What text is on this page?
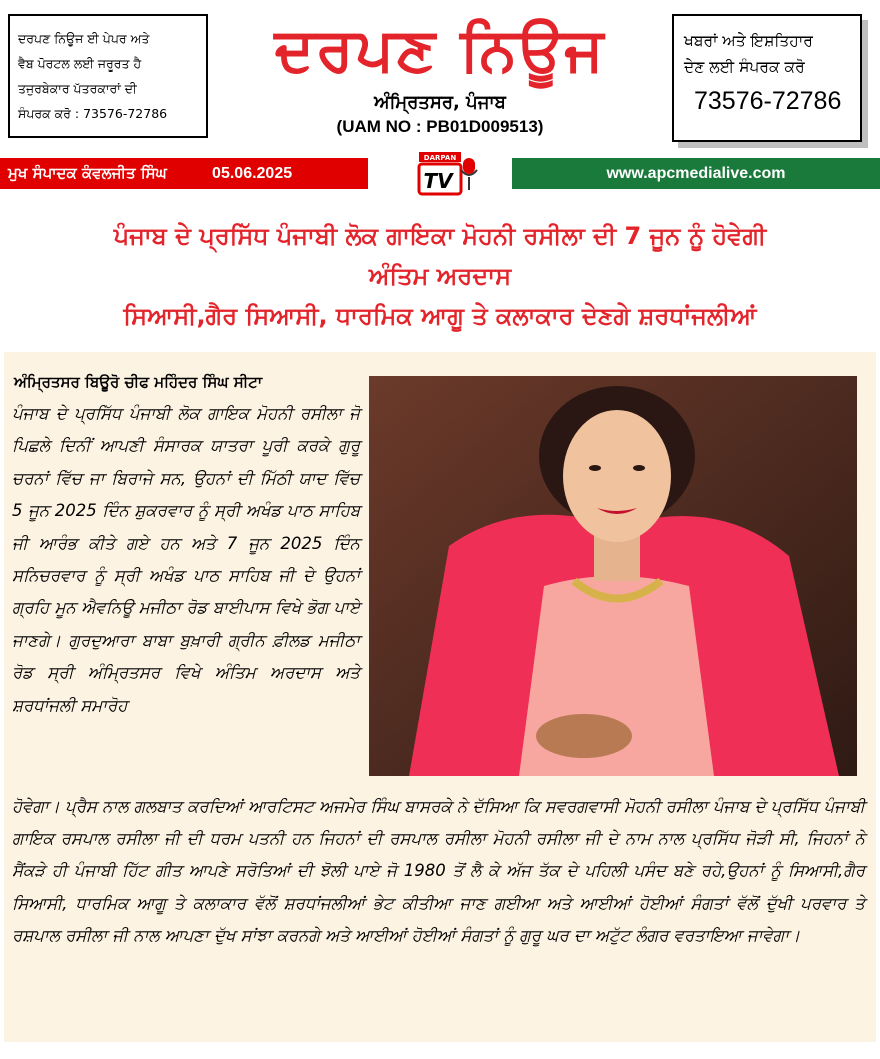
ਦਰਪਣ ਨਿਊਜ ਈ ਪੇਪਰ ਅਤੇ
ਵੈਬ ਪੋਰਟਲ ਲਈ ਜਰੂਰਤ ਹੈ
ਤਜੁਰਬੇਕਾਰ ਪੱਤਰਕਾਰਾਂ ਦੀ
ਸੰਪਰਕ ਕਰੋ : 73576-72786
ਦਰਪਣ ਨਿਊਜ
ਅੰਮ੍ਰਿਤਸਰ, ਪੰਜਾਬ
(UAM NO : PB01D009513)
ਖਬਰਾਂ ਅਤੇ ਇਸ਼ਤਿਹਾਰ
ਦੇਣ ਲਈ ਸੰਪਰਕ ਕਰੋ
73576-72786
ਮੁਖ ਸੰਪਾਦਕ ਕੰਵਲਜੀਤ ਸਿੰਘ	05.06.2025
DARPAN
TV	www.apcmedialive.com
ਪੰਜਾਬ ਦੇ ਪ੍ਰਸਿੱਧ ਪੰਜਾਬੀ ਲੋਕ ਗਾਇਕਾ ਮੋਹਨੀ ਰਸੀਲਾ ਦੀ 7 ਜੂਨ ਨੂੰ ਹੋਵੇਗੀ
ਅੰਤਿਮ ਅਰਦਾਸ
ਸਿਆਸੀ,ਗੈਰ ਸਿਆਸੀ, ਧਾਰਮਿਕ ਆਗੂ ਤੇ ਕਲਾਕਾਰ ਦੇਣਗੇ ਸ਼ਰਧਾਂਜਲੀਆਂ
ਅੰਮ੍ਰਿਤਸਰ ਬਿਊਰੋ ਚੀਫ ਮਹਿੰਦਰ ਸਿੰਘ ਸੀਟਾ
ਪੰਜਾਬ ਦੇ ਪ੍ਰਸਿੱਧ ਪੰਜਾਬੀ ਲੋਕ ਗਾਇਕ ਮੋਹਨੀ ਰਸੀਲਾ ਜੋ ਪਿਛਲੇ ਦਿਨੀਂ ਆਪਣੀ ਸੰਸਾਰਕ ਯਾਤਰਾ ਪੂਰੀ ਕਰਕੇ ਗੁਰੂ ਚਰਨਾਂ ਵਿੱਚ ਜਾ ਬਿਰਾਜੇ ਸਨ, ਉਹਨਾਂ ਦੀ ਮਿੱਠੀ ਯਾਦ ਵਿੱਚ 5 ਜੂਨ 2025 ਦਿੰਨ ਸ਼ੁਕਰਵਾਰ ਨੂੰ ਸ੍ਰੀ ਅਖੰਡ ਪਾਠ ਸਾਹਿਬ ਜੀ ਆਰੰਭ ਕੀਤੇ ਗਏ ਹਨ ਅਤੇ 7 ਜੂਨ 2025 ਦਿੰਨ ਸਨਿਚਰਵਾਰ ਨੂੰ ਸ੍ਰੀ ਅਖੰਡ ਪਾਠ ਸਾਹਿਬ ਜੀ ਦੇ ਉਹਨਾਂ ਗ੍ਰਹਿ ਮੂਨ ਐਵਨਿਊ ਮਜੀਠਾ ਰੋਡ ਬਾਈਪਾਸ ਵਿਖੇ ਭੋਗ ਪਾਏ ਜਾਣਗੇ। ਗੁਰਦੁਆਰਾ ਬਾਬਾ ਬੁਖ਼ਾਰੀ ਗ੍ਰੀਨ ਫ਼ੀਲਡ ਮਜੀਠਾ ਰੋਡ ਸ੍ਰੀ ਅੰਮ੍ਰਿਤਸਰ ਵਿਖੇ ਅੰਤਿਮ ਅਰਦਾਸ ਅਤੇ ਸ਼ਰਧਾਂਜਲੀ ਸਮਾਰੋਹ
ਹੋਵੇਗਾ। ਪ੍ਰੈਸ ਨਾਲ ਗਲਬਾਤ ਕਰਦਿਆਂ ਆਰਟਿਸਟ ਅਜਮੇਰ ਸਿੰਘ ਬਾਸਰਕੇ ਨੇ ਦੱਸਿਆ ਕਿ ਸਵਰਗਵਾਸੀ ਮੋਹਨੀ ਰਸੀਲਾ ਪੰਜਾਬ ਦੇ ਪ੍ਰਸਿੱਧ ਪੰਜਾਬੀ ਗਾਇਕ ਰਸਪਾਲ ਰਸੀਲਾ ਜੀ ਦੀ ਧਰਮ ਪਤਨੀ ਹਨ ਜਿਹਨਾਂ ਦੀ ਰਸਪਾਲ ਰਸੀਲਾ ਮੋਹਨੀ ਰਸੀਲਾ ਜੀ ਦੇ ਨਾਮ ਨਾਲ ਪ੍ਰਸਿੱਧ ਜੋੜੀ ਸੀ, ਜਿਹਨਾਂ ਨੇ ਸੈਂਕੜੇ ਹੀ ਪੰਜਾਬੀ ਹਿੱਟ ਗੀਤ ਆਪਣੇ ਸਰੋਤਿਆਂ ਦੀ ਝੋਲੀ ਪਾਏ ਜੋ 1980 ਤੋਂ ਲੈ ਕੇ ਅੱਜ ਤੱਕ ਦੇ ਪਹਿਲੀ ਪਸੰਦ ਬਣੇ ਰਹੇ,ਉਹਨਾਂ ਨੂੰ ਸਿਆਸੀ,ਗੈਰ ਸਿਆਸੀ, ਧਾਰਮਿਕ ਆਗੂ ਤੇ ਕਲਾਕਾਰ ਵੱਲੋਂ ਸ਼ਰਧਾਂਜਲੀਆਂ ਭੇਟ ਕੀਤੀਆ ਜਾਣ ਗਈਆ ਅਤੇ ਆਈਆਂ ਹੋਈਆਂ ਸੰਗਤਾਂ ਵੱਲੋਂ ਦੁੱਖੀ ਪਰਵਾਰ ਤੇ ਰਸ਼ਪਾਲ ਰਸੀਲਾ ਜੀ ਨਾਲ ਆਪਣਾ ਦੁੱਖ ਸਾਂਝਾ ਕਰਨਗੇ ਅਤੇ ਆਈਆਂ ਹੋਈਆਂ ਸੰਗਤਾਂ ਨੂੰ ਗੁਰੂ ਘਰ ਦਾ ਅਟੁੱਟ ਲੰਗਰ ਵਰਤਾਇਆ ਜਾਵੇਗਾ।
